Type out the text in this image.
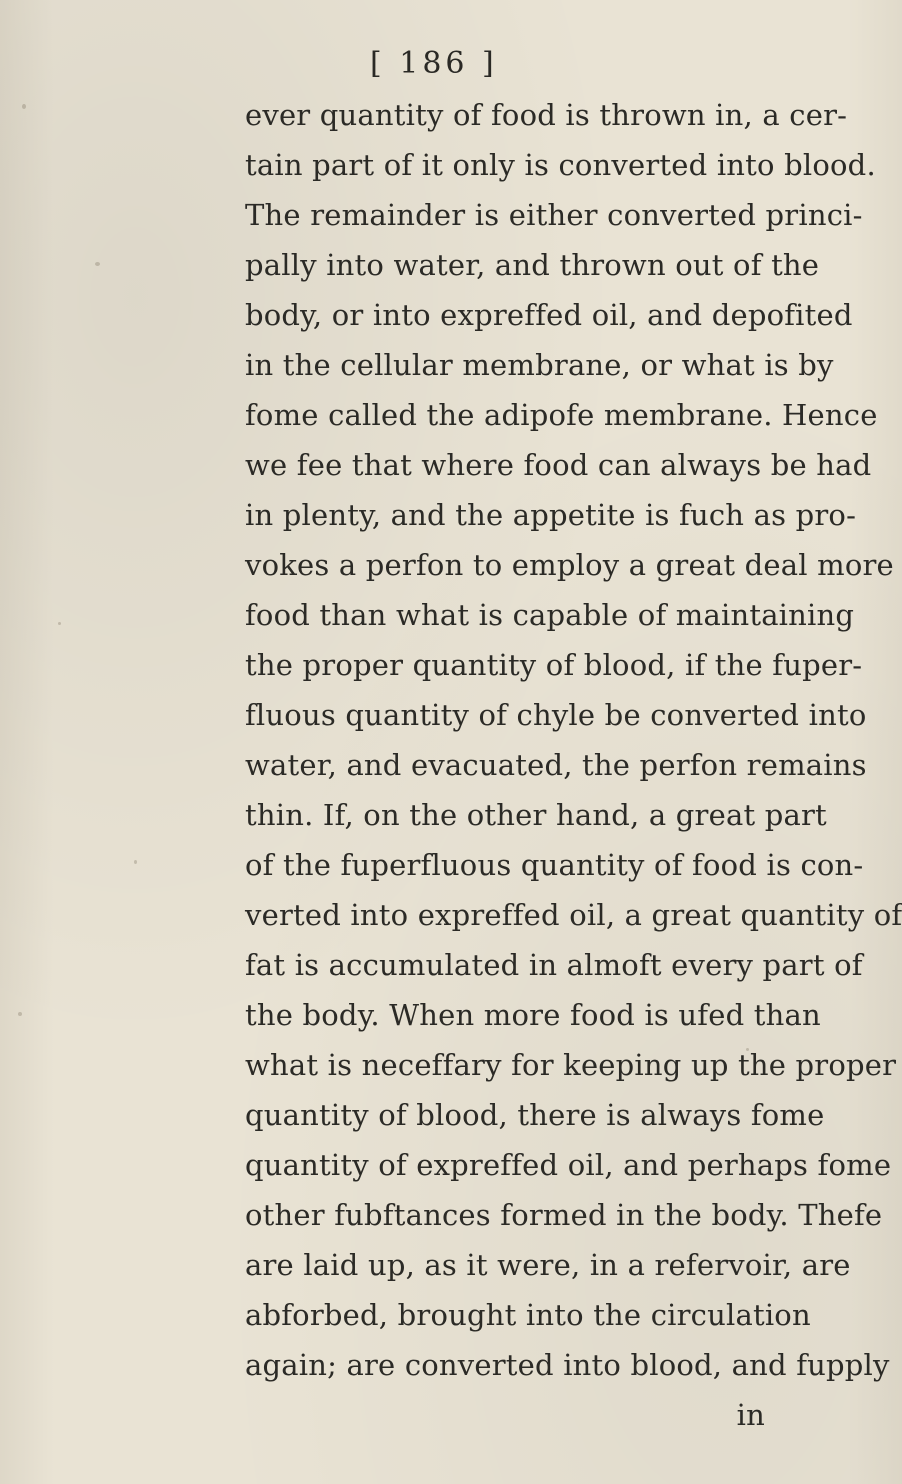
[ 186 ]
ever quantity of food is thrown in, a cer-
tain part of it only is converted into blood.
The remainder is either converted princi-
pally into water, and thrown out of the
body, or into expreffed oil, and depofited
in the cellular membrane, or what is by
fome called the adipofe membrane. Hence
we fee that where food can always be had
in plenty, and the appetite is fuch as pro-
vokes a perfon to employ a great deal more
food than what is capable of maintaining
the proper quantity of blood, if the fuper-
fluous quantity of chyle be converted into
water, and evacuated, the perfon remains
thin. If, on the other hand, a great part
of the fuperfluous quantity of food is con-
verted into expreffed oil, a great quantity of
fat is accumulated in almoft every part of
the body. When more food is ufed than
what is neceffary for keeping up the proper
quantity of blood, there is always fome
quantity of expreffed oil, and perhaps fome
other fubftances formed in the body. Thefe
are laid up, as it were, in a refervoir, are
abforbed, brought into the circulation
again; are converted into blood, and fupply
in
